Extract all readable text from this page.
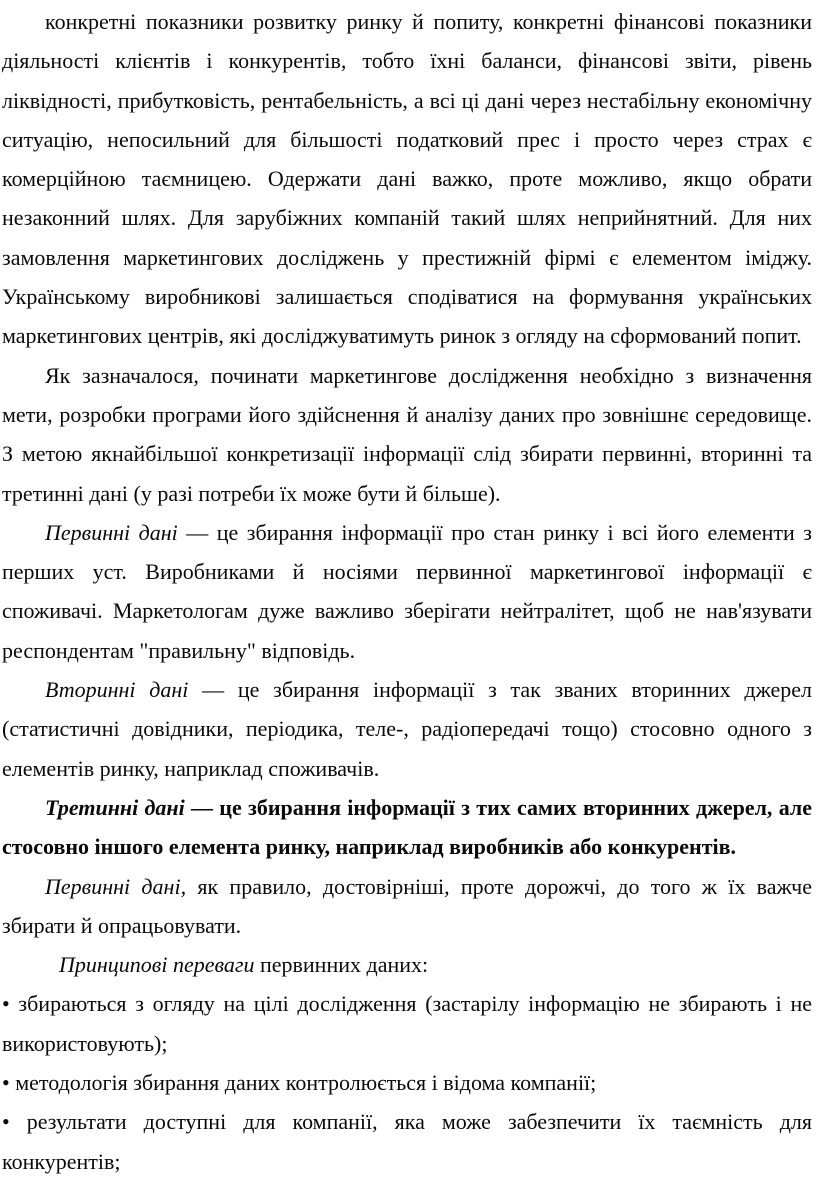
конкретні показники розвитку ринку й попиту, конкретні фінансові показники діяльності клієнтів і конкурентів, тобто їхні баланси, фінансові звіти, рівень ліквідності, прибутковість, рентабельність, а всі ці дані через нестабільну економічну ситуацію, непосильний для більшості податковий прес і просто через страх є комерційною таємницею. Одержати дані важко, проте можливо, якщо обрати незаконний шлях. Для зарубіжних компаній такий шлях неприйнятний. Для них замовлення маркетингових досліджень у престижній фірмі є елементом іміджу. Українському виробникові залишається сподіватися на формування українських маркетингових центрів, які досліджуватимуть ринок з огляду на сформований попит.

Як зазначалося, починати маркетингове дослідження необхідно з визначення мети, розробки програми його здійснення й аналізу даних про зовнішнє середовище. З метою якнайбільшої конкретизації інформації слід збирати первинні, вторинні та третинні дані (у разі потреби їх може бути й більше).

Первинні дані — це збирання інформації про стан ринку і всі його елементи з перших уст. Виробниками й носіями первинної маркетингової інформації є споживачі. Маркетологам дуже важливо зберігати нейтралітет, щоб не нав'язувати респондентам "правильну" відповідь.

Вторинні дані — це збирання інформації з так званих вторинних джерел (статистичні довідники, періодика, теле-, радіопередачі тощо) стосовно одного з елементів ринку, наприклад споживачів.

Третинні дані — це збирання інформації з тих самих вторинних джерел, але стосовно іншого елемента ринку, наприклад виробників або конкурентів.

Первинні дані, як правило, достовірніші, проте дорожчі, до того ж їх важче збирати й опрацьовувати.

Принципові переваги первинних даних:

• збираються з огляду на цілі дослідження (застарілу інформацію не збирають і не використовують);

• методологія збирання даних контролюється і відома компанії;

• результати доступні для компанії, яка може забезпечити їх таємність для конкурентів;
